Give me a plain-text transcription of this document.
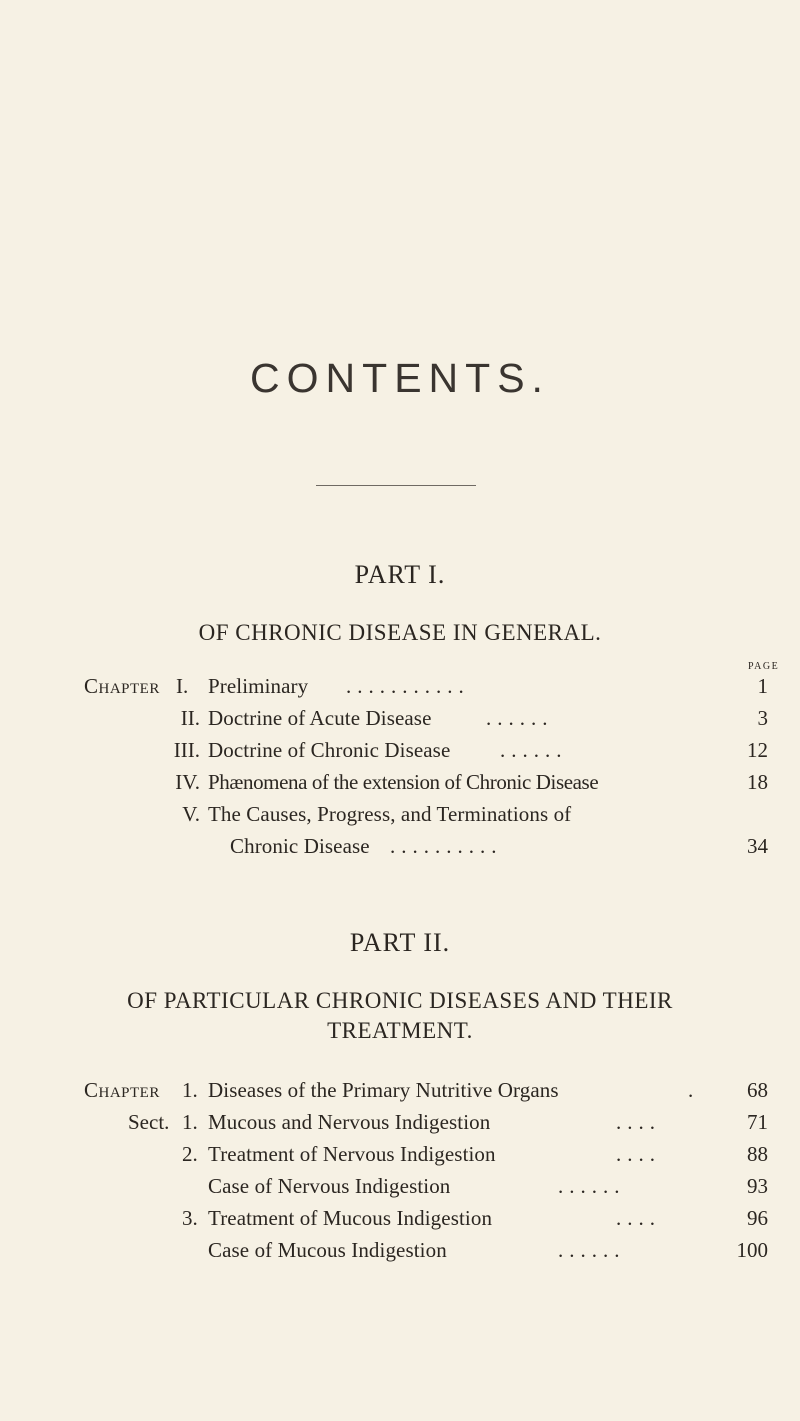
CONTENTS.
PART I.
OF CHRONIC DISEASE IN GENERAL.
PAGE
Chapter I. Preliminary ...........	1
II. Doctrine of Acute Disease	......	3
III. Doctrine of Chronic Disease ......	12
IV. Phænomena of the extension of Chronic Disease	18
V. The Causes, Progress, and Terminations of
Chronic Disease ..........	34
PART II.
OF PARTICULAR CHRONIC DISEASES AND THEIR
TREATMENT.
Chapter 1. Diseases of the Primary Nutritive Organs	.	68
Sect. 1. Mucous and Nervous Indigestion	....	71
2. Treatment of Nervous Indigestion	....	88
Case of Nervous Indigestion	......	93
3. Treatment of Mucous Indigestion	....	96
Case of Mucous Indigestion	......	100
